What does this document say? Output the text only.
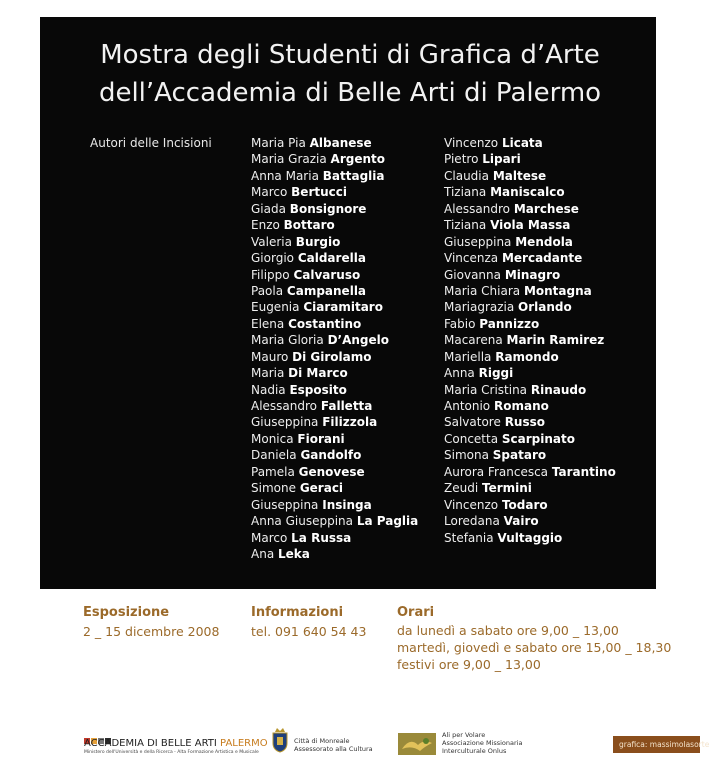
Mostra degli Studenti di Grafica d’Arte
dell’Accademia di Belle Arti di Palermo
Autori delle Incisioni	Maria Pia Albanese
Maria Grazia Argento
Anna Maria Battaglia
Marco Bertucci
Giada Bonsignore
Enzo Bottaro
Valeria Burgio
Giorgio Caldarella
Filippo Calvaruso
Paola Campanella
Eugenia Ciaramitaro
Elena Costantino
Maria Gloria D’Angelo
Mauro Di Girolamo
Maria Di Marco
Nadia Esposito
Alessandro Falletta
Giuseppina Filizzola
Monica Fiorani
Daniela Gandolfo
Pamela Genovese
Simone Geraci
Giuseppina Insinga
Anna Giuseppina La Paglia
Marco La Russa
Ana Leka
Vincenzo Licata
Pietro Lipari
Claudia Maltese
Tiziana Maniscalco
Alessandro Marchese
Tiziana Viola Massa
Giuseppina Mendola
Vincenza Mercadante
Giovanna Minagro
Maria Chiara Montagna
Mariagrazia Orlando
Fabio Pannizzo
Macarena Marin Ramirez
Mariella Ramondo
Anna Riggi
Maria Cristina Rinaudo
Antonio Romano
Salvatore Russo
Concetta Scarpinato
Simona Spataro
Aurora Francesca Tarantino
Zeudi Termini
Vincenzo Todaro
Loredana Vairo
Stefania Vultaggio
Esposizione
2 _ 15 dicembre 2008
Informazioni
tel. 091 640 54 43
Orari
da lunedì a sabato ore 9,00 _ 13,00
martedì, giovedì e sabato ore 15,00 _ 18,30
festivi ore 9,00 _ 13,00
ACCADEMIA DI BELLE ARTI PALERMO
Ministero dell'Università e della Ricerca - Alta Formazione Artistica e Musicale
Città di Monreale
Assessorato alla Cultura
Ali per Volare
Associazione Missionaria
Interculturale Onlus
grafica: massimolasorte
